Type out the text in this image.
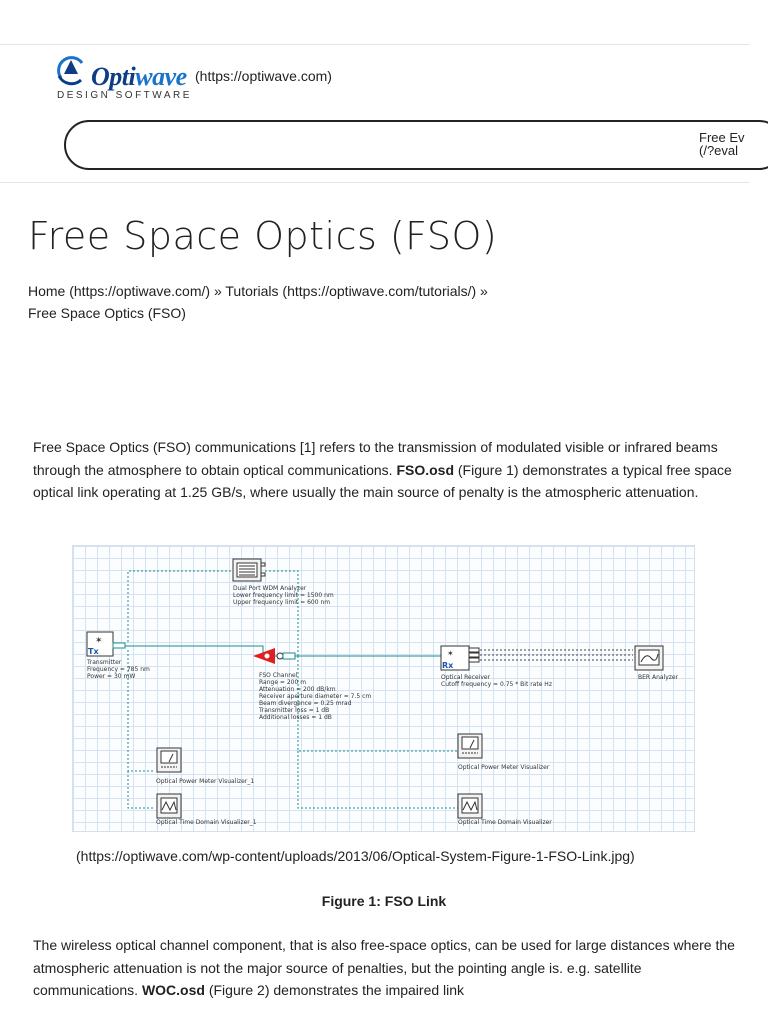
Optiwave (https://optiwave.com)
DESIGN SOFTWARE
Free Ev
(/?eval
Free Space Optics (FSO)
Home (https://optiwave.com/) » Tutorials (https://optiwave.com/tutorials/) » Free Space Optics (FSO)

Free Space Optics (FSO) communications [1] refers to the transmission of modulated visible or infrared beams through the atmosphere to obtain optical communications. FSO.osd (Figure 1) demonstrates a typical free space optical link operating at 1.25 GB/s, where usually the main source of penalty is the atmospheric attenuation.

Dual Port WDM Analyzer
Lower frequency limit = 1500 nm
Upper frequency limit = 600 nm
✶
Tx
Transmitter
Frequency = 785 nm
Power = 30 mW	FSO Channel
Range = 200 m
Attenuation = 200 dB/km
Receiver aperture diameter = 7.5 cm
Beam divergence = 0.25 mrad
Transmitter loss = 1 dB
Additional losses = 1 dB
✶
Rx
Optical Receiver
Cutoff frequency = 0.75 * Bit rate Hz
BER Analyzer
Optical Power Meter Visualizer_1
Optical Time Domain Visualizer_1
Optical Power Meter Visualizer
Optical Time Domain Visualizer
(https://optiwave.com/wp-content/uploads/2013/06/Optical-System-Figure-1-FSO-Link.jpg)
Figure 1: FSO Link

The wireless optical channel component, that is also free-space optics, can be used for large distances where the atmospheric attenuation is not the major source of penalties, but the pointing angle is. e.g. satellite communications. WOC.osd (Figure 2) demonstrates the impaired link
